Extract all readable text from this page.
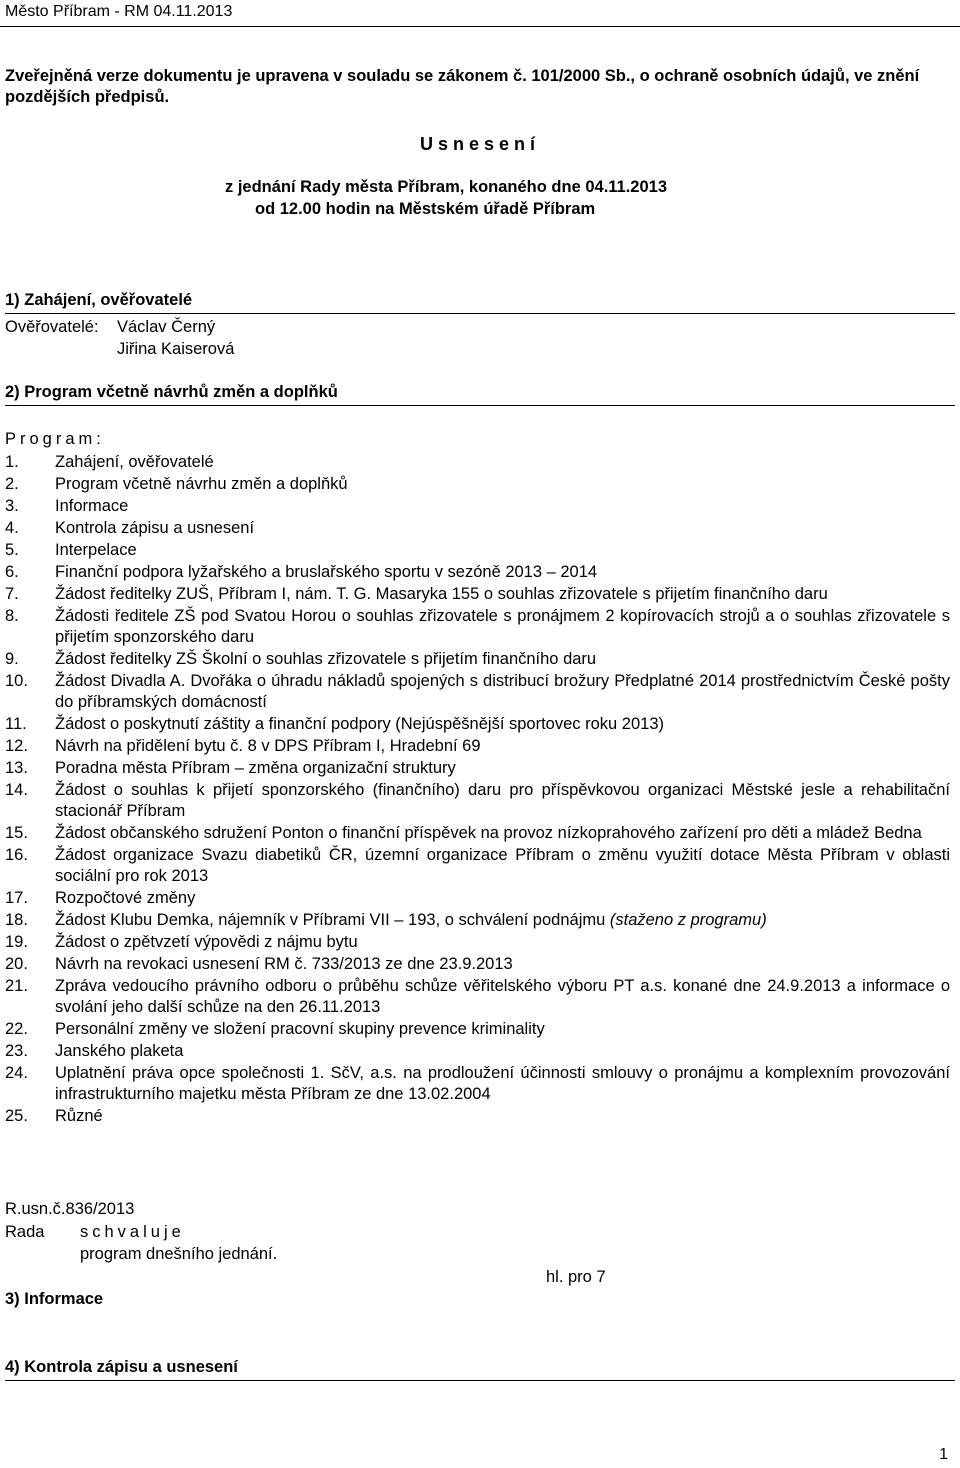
Město Příbram - RM 04.11.2013
Zveřejněná verze dokumentu je upravena v souladu se zákonem č. 101/2000 Sb., o ochraně osobních údajů, ve znění pozdějších předpisů.
Usnesení
z jednání Rady města Příbram, konaného dne 04.11.2013
od 12.00 hodin na Městském úřadě Příbram
1) Zahájení, ověřovatelé
Ověřovatelé: Václav Černý
Jiřina Kaiserová
2) Program včetně návrhů změn a doplňků
Program:
1. Zahájení, ověřovatelé
2. Program včetně návrhu změn a doplňků
3. Informace
4. Kontrola zápisu a usnesení
5. Interpelace
6. Finanční podpora lyžařského a bruslařského sportu v sezóně 2013 – 2014
7. Žádost ředitelky ZUŠ, Příbram I, nám. T. G. Masaryka 155 o souhlas zřizovatele s přijetím finančního daru
8. Žádosti ředitele ZŠ pod Svatou Horou o souhlas zřizovatele s pronájmem 2 kopírovacích strojů a o souhlas zřizovatele s přijetím sponzorského daru
9. Žádost ředitelky ZŠ Školní o souhlas zřizovatele s přijetím finančního daru
10. Žádost Divadla A. Dvořáka o úhradu nákladů spojených s distribucí brožury Předplatné 2014 prostřednictvím České pošty do příbramských domácností
11. Žádost o poskytnutí záštity a finanční podpory (Nejúspěšnější sportovec roku 2013)
12. Návrh na přidělení bytu č. 8 v DPS Příbram I, Hradební 69
13. Poradna města Příbram – změna organizační struktury
14. Žádost o souhlas k přijetí sponzorského (finančního) daru pro příspěvkovou organizaci Městské jesle a rehabilitační stacionář Příbram
15. Žádost občanského sdružení Ponton o finanční příspěvek na provoz nízkoprahového zařízení pro děti a mládež Bedna
16. Žádost organizace Svazu diabetiků ČR, územní organizace Příbram o změnu využití dotace Města Příbram v oblasti sociální pro rok 2013
17. Rozpočtové změny
18. Žádost Klubu Demka, nájemník v Příbrami VII – 193, o schválení podnájmu (staženo z programu)
19. Žádost o zpětvzetí výpovědi z nájmu bytu
20. Návrh na revokaci usnesení RM č. 733/2013 ze dne 23.9.2013
21. Zpráva vedoucího právního odboru o průběhu schůze věřitelského výboru PT a.s. konané dne 24.9.2013 a informace o svolání jeho další schůze na den 26.11.2013
22. Personální změny ve složení pracovní skupiny prevence kriminality
23. Janského plaketa
24. Uplatnění práva opce společnosti 1. SčV, a.s. na prodloužení účinnosti smlouvy o pronájmu a komplexním provozování infrastrukturního majetku města Příbram ze dne 13.02.2004
25. Různé
R.usn.č.836/2013
Rada schvaluje
program dnešního jednání.
hl. pro 7
3) Informace
4) Kontrola zápisu a usnesení
1
